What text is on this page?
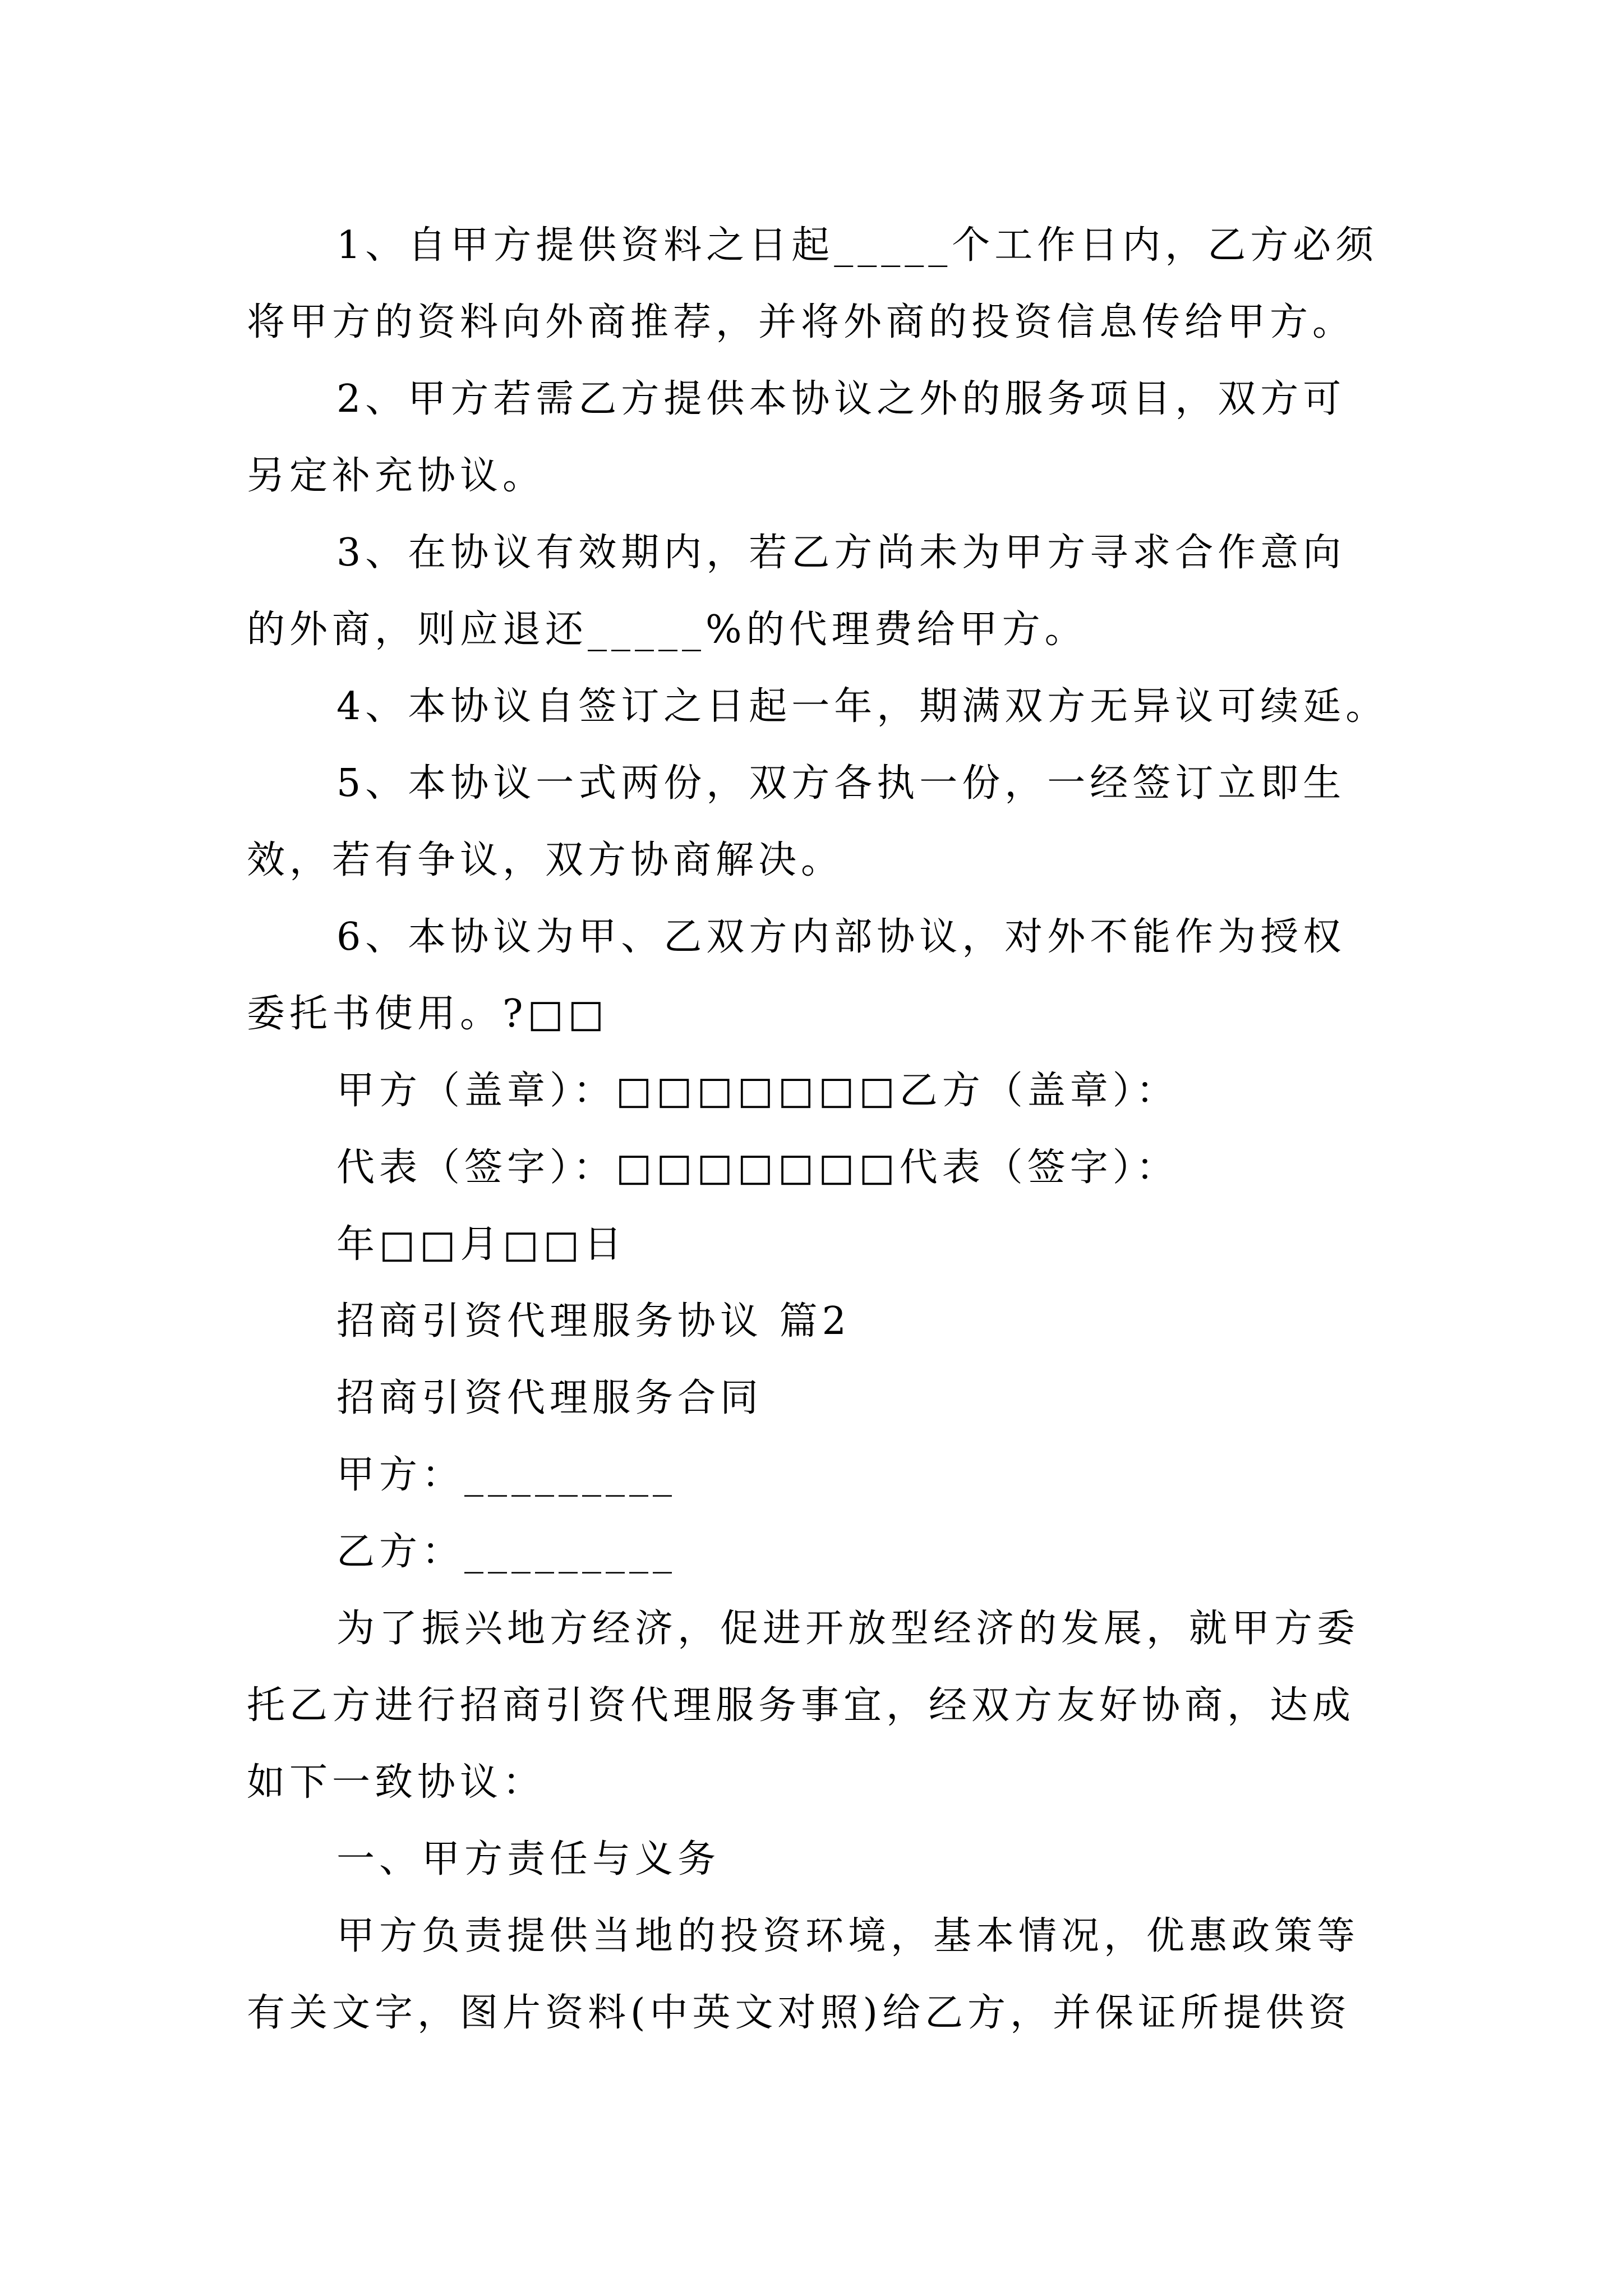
1、自甲方提供资料之日起_____个工作日内，乙方必须
将甲方的资料向外商推荐，并将外商的投资信息传给甲方。
2、甲方若需乙方提供本协议之外的服务项目，双方可
另定补充协议。
3、在协议有效期内，若乙方尚未为甲方寻求合作意向
的外商，则应退还_____%的代理费给甲方。
4、本协议自签订之日起一年，期满双方无异议可续延。
5、本协议一式两份，双方各执一份，一经签订立即生
效，若有争议，双方协商解决。
6、本协议为甲、乙双方内部协议，对外不能作为授权
委托书使用。?□□
甲方（盖章）：□□□□□□□乙方（盖章）：
代表（签字）：□□□□□□□代表（签字）：
年□□月□□日
招商引资代理服务协议 篇2
招商引资代理服务合同
甲方：_________
乙方：_________
为了振兴地方经济，促进开放型经济的发展，就甲方委
托乙方进行招商引资代理服务事宜，经双方友好协商，达成
如下一致协议：
一、甲方责任与义务
甲方负责提供当地的投资环境，基本情况，优惠政策等
有关文字，图片资料(中英文对照)给乙方，并保证所提供资
